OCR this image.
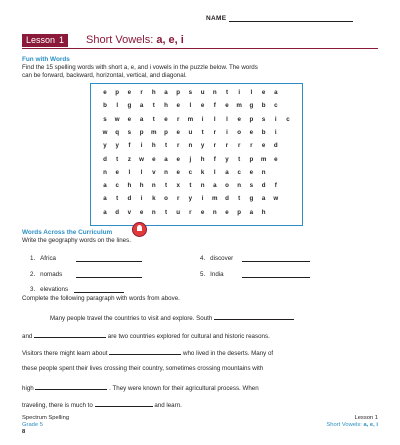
NAME
Lesson 1 Short Vowels: a, e, i
Fun with Words
Find the 15 spelling words with short a, e, and i vowels in the puzzle below. The words
can be forward, backward, horizontal, vertical, and diagonal.
e	p	e	r	h	a	p	s	u	n	t	i	l	e	a
b	l	g	a	t	h	e	l	e	f	e	m	g	b	c
s	w	e	a	t	e	r	m	i	l	l	e	p	s	i	c
w	q	s	p	m	p	e	u	t	r	i	o	e	b	i
y	y	f	i	h	t	r	n	y	r	r	r	r	e	d
d	t	z	w	e	a	e	j	h	f	y	t	p	m	e
n	e	l	l	v	n	e	c	k	l	a	c	e	n
a	c	h	h	n	t	x	t	n	a	o	n	s	d	f
a	t	d	i	k	o	r	y	i	m	d	t	g	a	w
a	d	v	e	n	t	u	r	e	n	e	p	a	h
Words Across the Curriculum
Write the geography words on the lines.
1. Africa	4. discover
2. nomads	5. India
3. elevations
Complete the following paragraph with words from above.
Many people travel the countries to visit and explore. South
and	are two countries explored for cultural and historic reasons.
Visitors there might learn about	who lived in the deserts. Many of
these people spent their lives crossing their country, sometimes crossing mountains with
high	. They were known for their agricultural process. When
traveling, there is much to	and learn.
Spectrum Spelling
Grade 5
8
Lesson 1
Short Vowels: a, e, i
